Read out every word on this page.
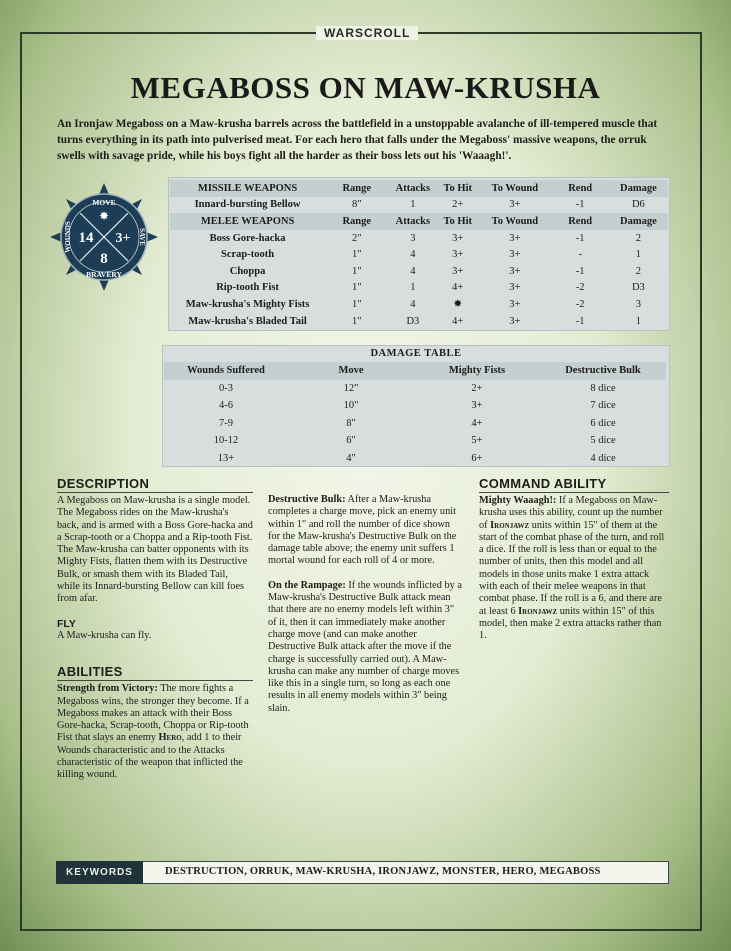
WARSCROLL
MEGABOSS ON MAW-KRUSHA
An Ironjaw Megaboss on a Maw-krusha barrels across the battlefield in a unstoppable avalanche of ill-tempered muscle that turns everything in its path into pulverised meat. For each hero that falls under the Megaboss' massive weapons, the orruk swells with savage pride, while his boys fight all the harder as their boss lets out his 'Waaagh!'.
MOVE
✸
BRAVERY
8
14 3+
WOUNDS	SAVE
MISSILE WEAPONS	Range	Attacks	To Hit	To Wound	Rend	Damage
Innard-bursting Bellow	8"	1	2+	3+	-1	D6
MELEE WEAPONS	Range	Attacks	To Hit	To Wound	Rend	Damage
Boss Gore-hacka	2"	3	3+	3+	-1	2
Scrap-tooth	1"	4	3+	3+	-	1
Choppa	1"	4	3+	3+	-1	2
Rip-tooth Fist	1"	1	4+	3+	-2	D3
Maw-krusha's Mighty Fists	1"	4	✸	3+	-2	3
Maw-krusha's Bladed Tail	1"	D3	4+	3+	-1	1
DAMAGE TABLE
Wounds Suffered	Move	Mighty Fists	Destructive Bulk
0-3	12"	2+	8 dice
4-6	10"	3+	7 dice
7-9	8"	4+	6 dice
10-12	6"	5+	5 dice
13+	4"	6+	4 dice
DESCRIPTION
A Megaboss on Maw-krusha is a single model. The Megaboss rides on the Maw-krusha's back, and is armed with a Boss Gore-hacka and a Scrap-tooth or a Choppa and a Rip-tooth Fist. The Maw-krusha can batter opponents with its Mighty Fists, flatten them with its Destructive Bulk, or smash them with its Bladed Tail, while its Innard-bursting Bellow can kill foes from afar.
FLY
A Maw-krusha can fly.
ABILITIES
Strength from Victory: The more fights a Megaboss wins, the stronger they become. If a Megaboss makes an attack with their Boss Gore-hacka, Scrap-tooth, Choppa or Rip-tooth Fist that slays an enemy Hero, add 1 to their Wounds characteristic and to the Attacks characteristic of the weapon that inflicted the killing wound.
Destructive Bulk: After a Maw-krusha completes a charge move, pick an enemy unit within 1" and roll the number of dice shown for the Maw-krusha's Destructive Bulk on the damage table above; the enemy unit suffers 1 mortal wound for each roll of 4 or more.
On the Rampage: If the wounds inflicted by a Maw-krusha's Destructive Bulk attack mean that there are no enemy models left within 3" of it, then it can immediately make another charge move (and can make another Destructive Bulk attack after the move if the charge is successfully carried out). A Maw-krusha can make any number of charge moves like this in a single turn, so long as each one results in all enemy models within 3" being slain.
COMMAND ABILITY
Mighty Waaagh!: If a Megaboss on Maw-krusha uses this ability, count up the number of Ironjawz units within 15" of them at the start of the combat phase of the turn, and roll a dice. If the roll is less than or equal to the number of units, then this model and all models in those units make 1 extra attack with each of their melee weapons in that combat phase. If the roll is a 6, and there are at least 6 Ironjawz units within 15" of this model, then make 2 extra attacks rather than 1.
KEYWORDS	DESTRUCTION, ORRUK, MAW-KRUSHA, IRONJAWZ, MONSTER, HERO, MEGABOSS
